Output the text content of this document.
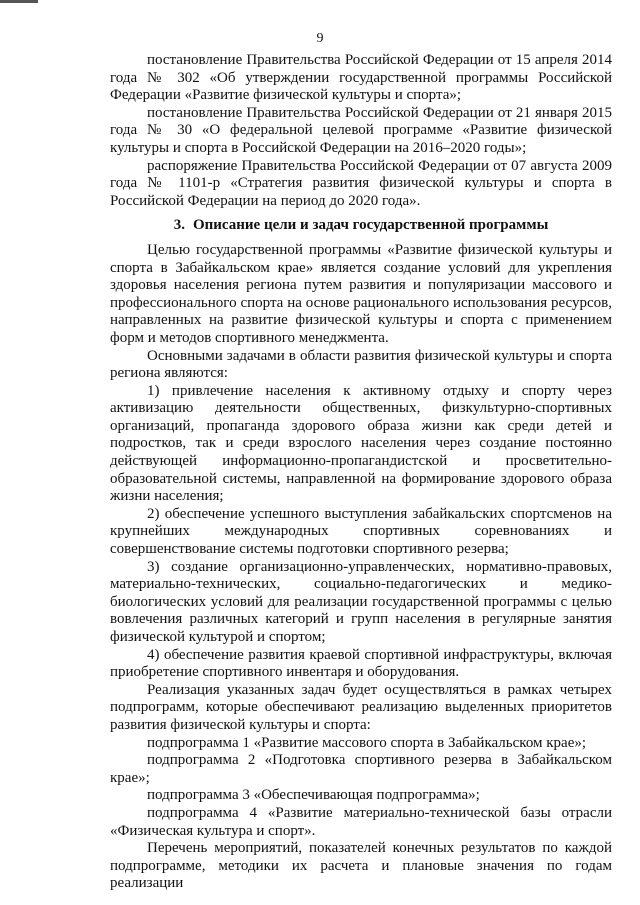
9

постановление Правительства Российской Федерации от 15 апреля 2014 года № 302 «Об утверждении государственной программы Российской Федерации «Развитие физической культуры и спорта»;

постановление Правительства Российской Федерации от 21 января 2015 года № 30 «О федеральной целевой программе «Развитие физической культуры и спорта в Российской Федерации на 2016–2020 годы»;

распоряжение Правительства Российской Федерации от 07 августа 2009 года № 1101-р «Стратегия развития физической культуры и спорта в Российской Федерации на период до 2020 года».

3. Описание цели и задач государственной программы

Целью государственной программы «Развитие физической культуры и спорта в Забайкальском крае» является создание условий для укрепления здоровья населения региона путем развития и популяризации массового и профессионального спорта на основе рационального использования ресурсов, направленных на развитие физической культуры и спорта с применением форм и методов спортивного менеджмента.

Основными задачами в области развития физической культуры и спорта региона являются:

1) привлечение населения к активному отдыху и спорту через активизацию деятельности общественных, физкультурно-спортивных организаций, пропаганда здорового образа жизни как среди детей и подростков, так и среди взрослого населения через создание постоянно действующей информационно-пропагандистской и просветительно-образовательной системы, направленной на формирование здорового образа жизни населения;

2) обеспечение успешного выступления забайкальских спортсменов на крупнейших международных спортивных соревнованиях и совершенствование системы подготовки спортивного резерва;

3) создание организационно-управленческих, нормативно-правовых, материально-технических, социально-педагогических и медико-биологических условий для реализации государственной программы с целью вовлечения различных категорий и групп населения в регулярные занятия физической культурой и спортом;

4) обеспечение развития краевой спортивной инфраструктуры, включая приобретение спортивного инвентаря и оборудования.

Реализация указанных задач будет осуществляться в рамках четырех подпрограмм, которые обеспечивают реализацию выделенных приоритетов развития физической культуры и спорта:

подпрограмма 1 «Развитие массового спорта в Забайкальском крае»;

подпрограмма 2 «Подготовка спортивного резерва в Забайкальском крае»;

подпрограмма 3 «Обеспечивающая подпрограмма»;

подпрограмма 4 «Развитие материально-технической базы отрасли «Физическая культура и спорт».

Перечень мероприятий, показателей конечных результатов по каждой подпрограмме, методики их расчета и плановые значения по годам реализации
